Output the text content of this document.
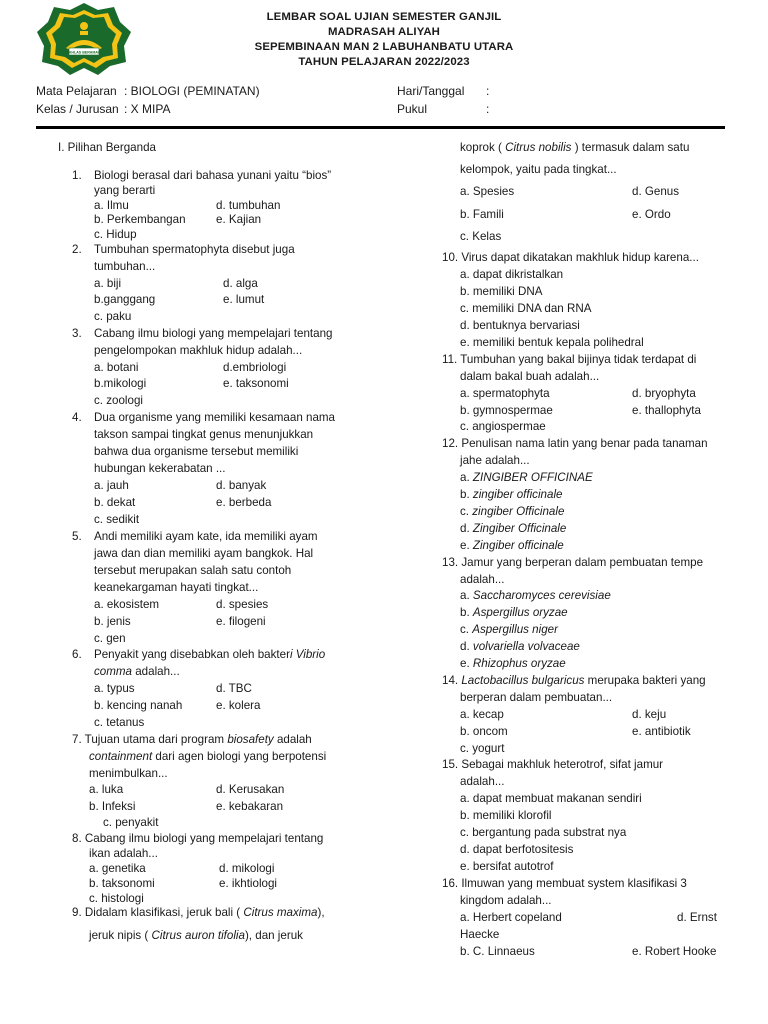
IKHLAS BERAMAL
LEMBAR SOAL UJIAN SEMESTER GANJIL
MADRASAH ALIYAH
SEPEMBINAAN MAN 2 LABUHANBATU UTARA
TAHUN PELAJARAN 2022/2023
Mata Pelajaran : BIOLOGI (PEMINATAN)	Hari/Tanggal :
Kelas / Jurusan : X MIPA	Pukul	:
I. Pilihan Berganda
1. Biologi berasal dari bahasa yunani yaitu “bios”
yang berarti
a. Ilmu	d. tumbuhan
b. Perkembangan	e. Kajian
c. Hidup
2. Tumbuhan spermatophyta disebut juga
tumbuhan...
a. biji	d. alga
b.ganggang	e. lumut
c. paku
3. Cabang ilmu biologi yang mempelajari tentang
pengelompokan makhluk hidup adalah...
a. botani	d.embriologi
b.mikologi	e. taksonomi
c. zoologi
4. Dua organisme yang memiliki kesamaan nama
takson sampai tingkat genus menunjukkan
bahwa dua organisme tersebut memiliki
hubungan kekerabatan ...
a. jauh	d. banyak
b. dekat	e. berbeda
c. sedikit
5. Andi memiliki ayam kate, ida memiliki ayam
jawa dan dian memiliki ayam bangkok. Hal
tersebut merupakan salah satu contoh
keanekargaman hayati tingkat...
a. ekosistem	d. spesies
b. jenis	e. filogeni
c. gen
6. Penyakit yang disebabkan oleh bakteri Vibrio
comma adalah...
a. typus	d. TBC
b. kencing nanah	e. kolera
c. tetanus
7. Tujuan utama dari program biosafety adalah
containment dari agen biologi yang berpotensi
menimbulkan...
a. luka	d. Kerusakan
b. Infeksi	e. kebakaran
c. penyakit
8. Cabang ilmu biologi yang mempelajari tentang
ikan adalah...
a. genetika	d. mikologi
b. taksonomi	e. ikhtiologi
c. histologi
9. Didalam klasifikasi, jeruk bali ( Citrus maxima),
jeruk nipis ( Citrus auron tifolia), dan jeruk
koprok ( Citrus nobilis ) termasuk dalam satu
kelompok, yaitu pada tingkat...
a. Spesies	d. Genus
b. Famili	e. Ordo
c. Kelas
10. Virus dapat dikatakan makhluk hidup karena...
a. dapat dikristalkan
b. memiliki DNA
c. memiliki DNA dan RNA
d. bentuknya bervariasi
e. memiliki bentuk kepala polihedral
11. Tumbuhan yang bakal bijinya tidak terdapat di
dalam bakal buah adalah...
a. spermatophyta	d. bryophyta
b. gymnospermae	e. thallophyta
c. angiospermae
12. Penulisan nama latin yang benar pada tanaman
jahe adalah...
a. ZINGIBER OFFICINAE
b. zingiber officinale
c. zingiber Officinale
d. Zingiber Officinale
e. Zingiber officinale
13. Jamur yang berperan dalam pembuatan tempe
adalah...
a. Saccharomyces cerevisiae
b. Aspergillus oryzae
c. Aspergillus niger
d. volvariella volvaceae
e. Rhizophus oryzae
14. Lactobacillus bulgaricus merupaka bakteri yang
berperan dalam pembuatan...
a. kecap	d. keju
b. oncom	e. antibiotik
c. yogurt
15. Sebagai makhluk heterotrof, sifat jamur
adalah...
a. dapat membuat makanan sendiri
b. memiliki klorofil
c. bergantung pada substrat nya
d. dapat berfotositesis
e. bersifat autotrof
16. Ilmuwan yang membuat system klasifikasi 3
kingdom adalah...
a. Herbert copeland	d. Ernst
Haecke
b. C. Linnaeus	e. Robert Hooke
